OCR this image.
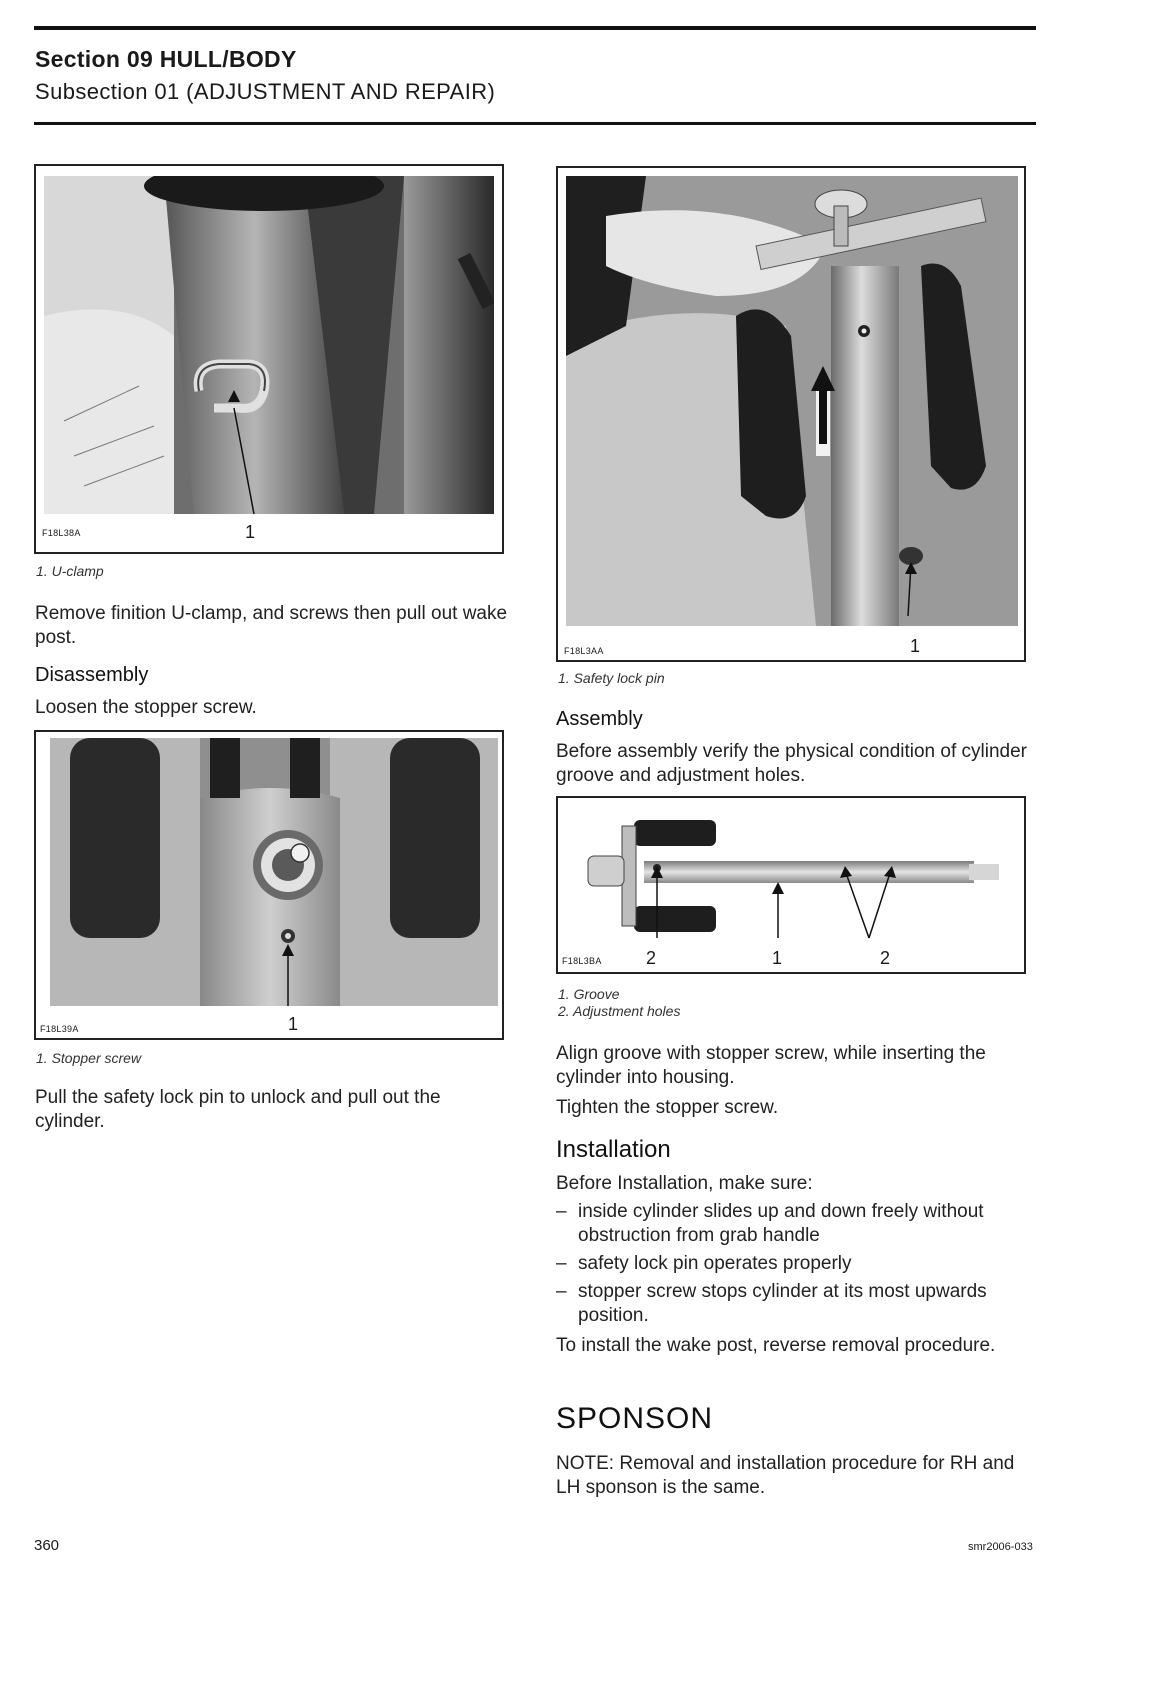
Section 09 HULL/BODY
Subsection 01 (ADJUSTMENT AND REPAIR)
F18L38A	1
1. U-clamp

Remove finition U-clamp, and screws then pull out wake post.

Disassembly

Loosen the stopper screw.

F18L39A	1
1. Stopper screw

Pull the safety lock pin to unlock and pull out the cylinder.

F18L3AA	1
1. Safety lock pin
Assembly

Before assembly verify the physical condition of cylinder groove and adjustment holes.

F18L3BA 2	1	2
1. Groove
2. Adjustment holes

Align groove with stopper screw, while inserting the cylinder into housing.

Tighten the stopper screw.

Installation

Before Installation, make sure:

– inside cylinder slides up and down freely without obstruction from grab handle
– safety lock pin operates properly
– stopper screw stops cylinder at its most upwards position.

To install the wake post, reverse removal procedure.

SPONSON

NOTE: Removal and installation procedure for RH and LH sponson is the same.

360	smr2006-033
